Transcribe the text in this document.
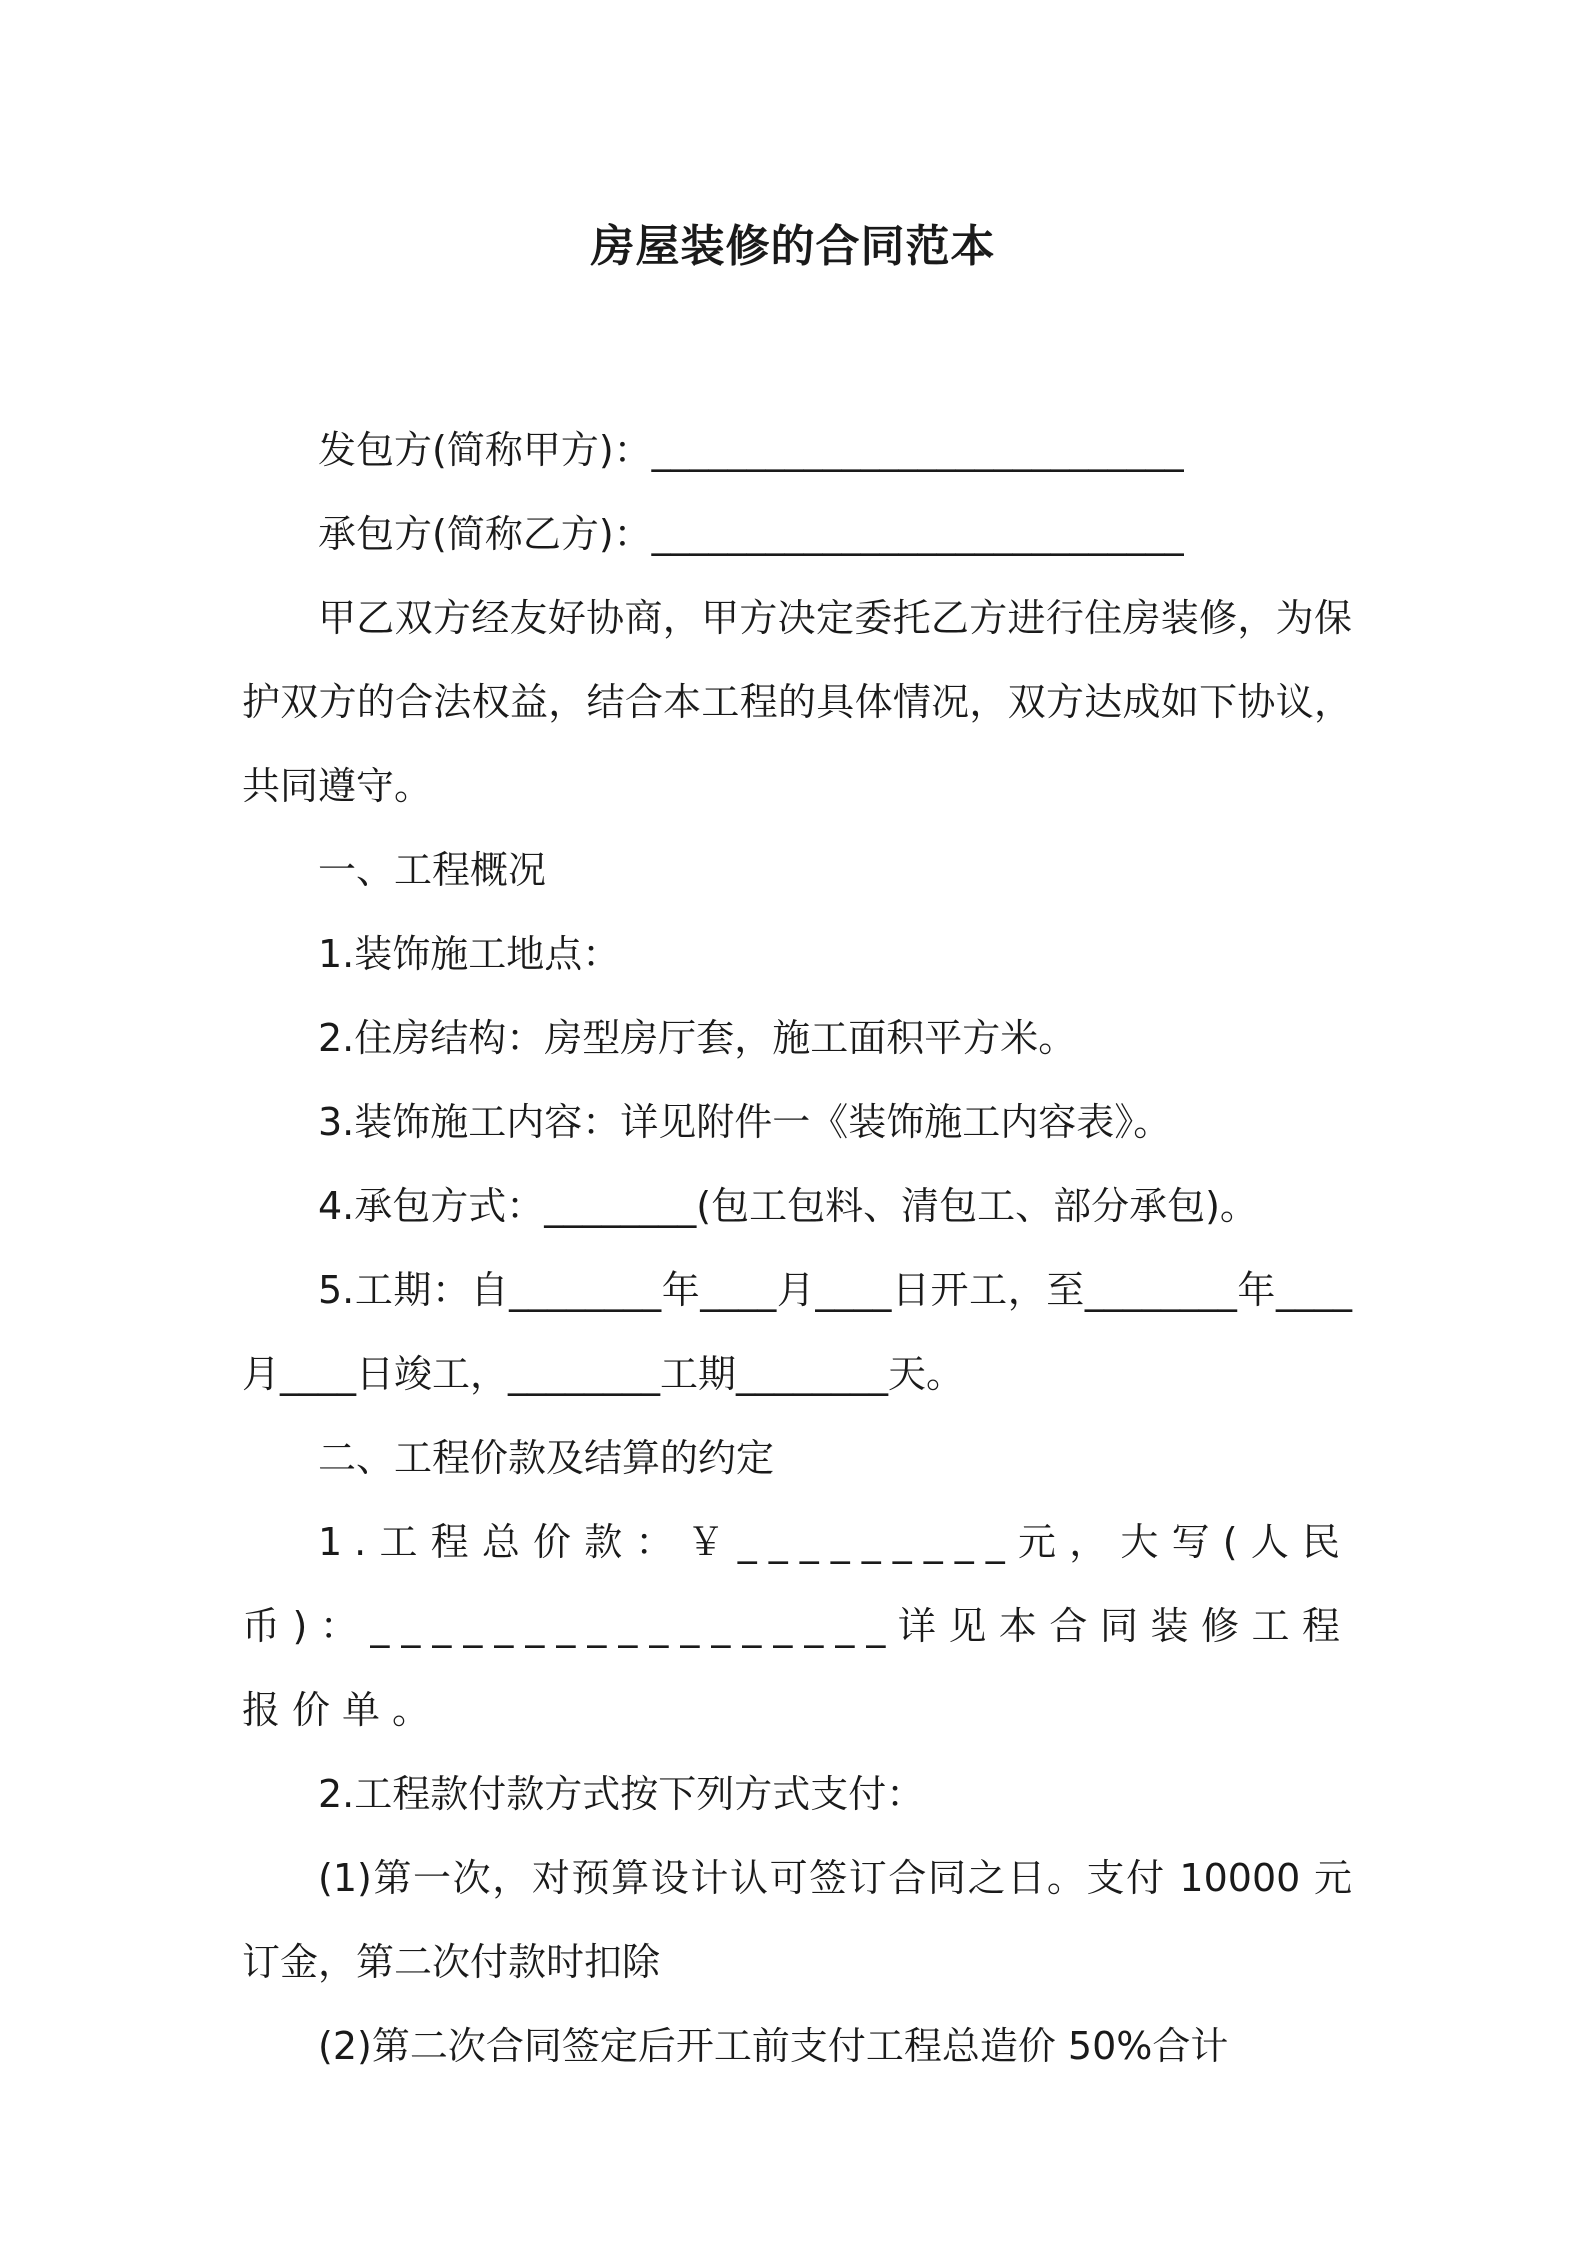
房屋装修的合同范本

发包方(简称甲方)：____________________________

承包方(简称乙方)：____________________________

甲乙双方经友好协商，甲方决定委托乙方进行住房装修，为保护双方的合法权益，结合本工程的具体情况，双方达成如下协议，共同遵守。

一、工程概况

1.装饰施工地点：

2.住房结构：房型房厅套，施工面积平方米。

3.装饰施工内容：详见附件一《装饰施工内容表》。

4.承包方式：________(包工包料、清包工、部分承包)。

5.工期：自________年____月____日开工，至________年____月____日竣工，________工期________天。

二、工程价款及结算的约定

1.工程总价款：￥_________元，大写(人民币)：_________________详见本合同装修工程报价单。

2.工程款付款方式按下列方式支付：

(1)第一次，对预算设计认可签订合同之日。支付 10000 元订金，第二次付款时扣除

(2)第二次合同签定后开工前支付工程总造价 50%合计
